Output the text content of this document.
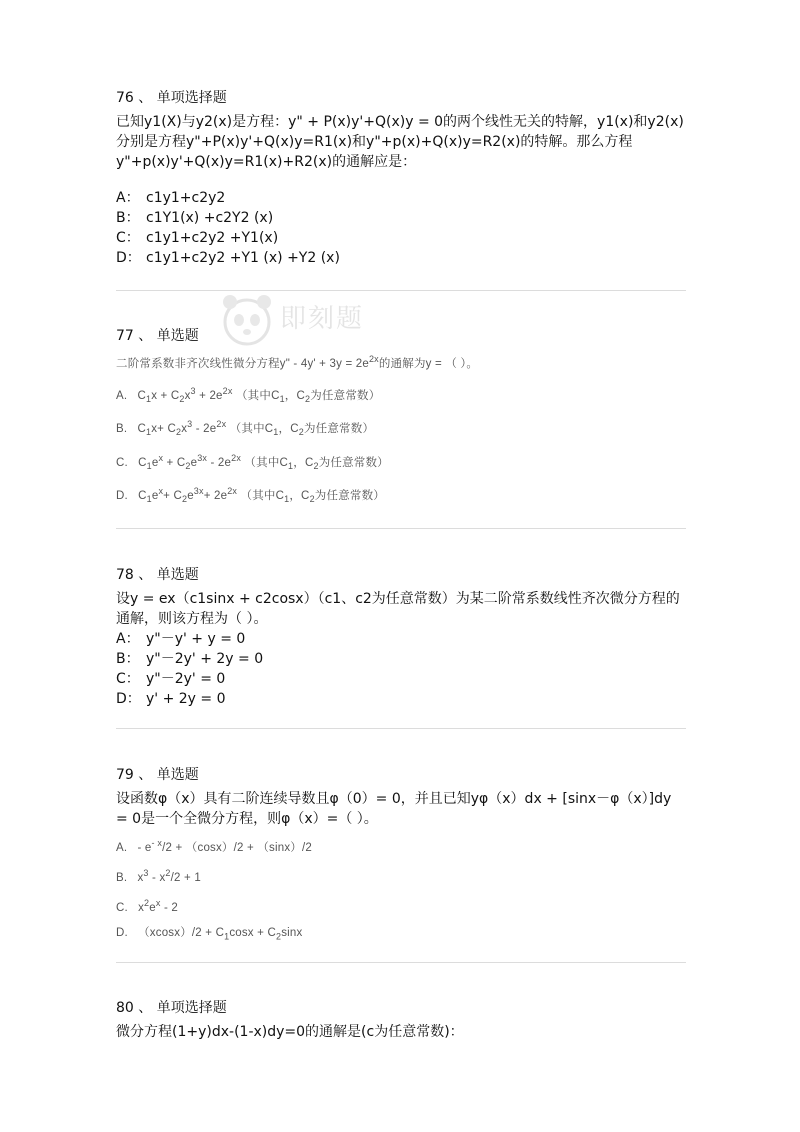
76 、 单项选择题
已知y1(X)与y2(x)是方程：y" + P(x)y'+Q(x)y = 0的两个线性无关的特解，y1(x)和y2(x)分别是方程y"+P(x)y'+Q(x)y=R1(x)和y"+p(x)+Q(x)y=R2(x)的特解。那么方程y"+p(x)y'+Q(x)y=R1(x)+R2(x)的通解应是：
A： c1y1+c2y2
B： c1Y1(x) +c2Y2 (x)
C： c1y1+c2y2 +Y1(x)
D： c1y1+c2y2 +Y1 (x) +Y2 (x)
即刻题
77 、 单选题
二阶常系数非齐次线性微分方程y" - $4y' + 3y = 2e^{2x}$的通解为y = （ ）。
A. $C_1x + C_2x^3 + 2e^{2x}$ （其中$C_1$，$C_2$为任意常数）
B. $C_1x+ C_2x^3 - 2e^{2x}$ （其中$C_1$，$C_2$为任意常数）
C. $C_1e^x + C_2e^{3x} - 2e^{2x}$ （其中$C_1$，$C_2$为任意常数）
D. $C_1e^x+ C_2e^{3x}+ 2e^{2x}$ （其中$C_1$，$C_2$为任意常数）
78 、 单选题
设y = ex（c1sinx + c2cosx）（c1、c2为任意常数）为某二阶常系数线性齐次微分方程的通解，则该方程为（ ）。
A： y"－y' + y = 0
B： y"－2y' + 2y = 0
C： y"－2y' = 0
D： y' + 2y = 0
79 、 单选题
设函数φ（x）具有二阶连续导数且φ（0）= 0，并且已知yφ（x）dx + [sinx－φ（x）]dy = 0是一个全微分方程，则φ（x）=（ ）。
A. - $e^{- x}/2 + (\cos x)/2 + (\sin x)/2$
B. $x^3 - x^2/2 + 1$
C. $x^2e^x - 2$
D. $(xcosx)/2 + C_1\cos x + C_2\sin x$
80 、 单项选择题
微分方程(1+y)dx-(1-x)dy=0的通解是(c为任意常数)：
